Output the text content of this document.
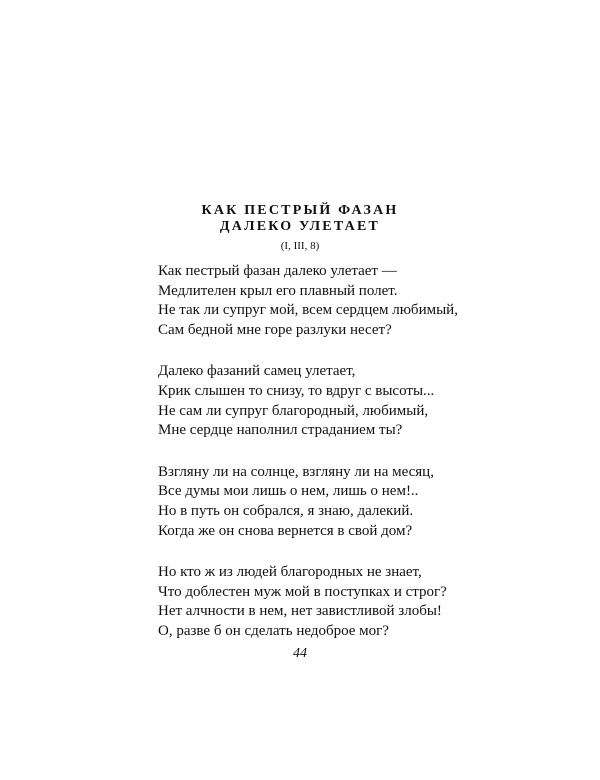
КАК ПЕСТРЫЙ ФАЗАН
ДАЛЕКО УЛЕТАЕТ
(I, III, 8)
Как пестрый фазан далеко улетает —
Медлителен крыл его плавный полет.
Не так ли супруг мой, всем сердцем любимый,
Сам бедной мне горе разлуки несет?
Далеко фазаний самец улетает,
Крик слышен то снизу, то вдруг с высоты...
Не сам ли супруг благородный, любимый,
Мне сердце наполнил страданием ты?
Взгляну ли на солнце, взгляну ли на месяц,
Все думы мои лишь о нем, лишь о нем!..
Но в путь он собрался, я знаю, далекий.
Когда же он снова вернется в свой дом?
Но кто ж из людей благородных не знает,
Что доблестен муж мой в поступках и строг?
Нет алчности в нем, нет завистливой злобы!
О, разве б он сделать недоброе мог?
44
